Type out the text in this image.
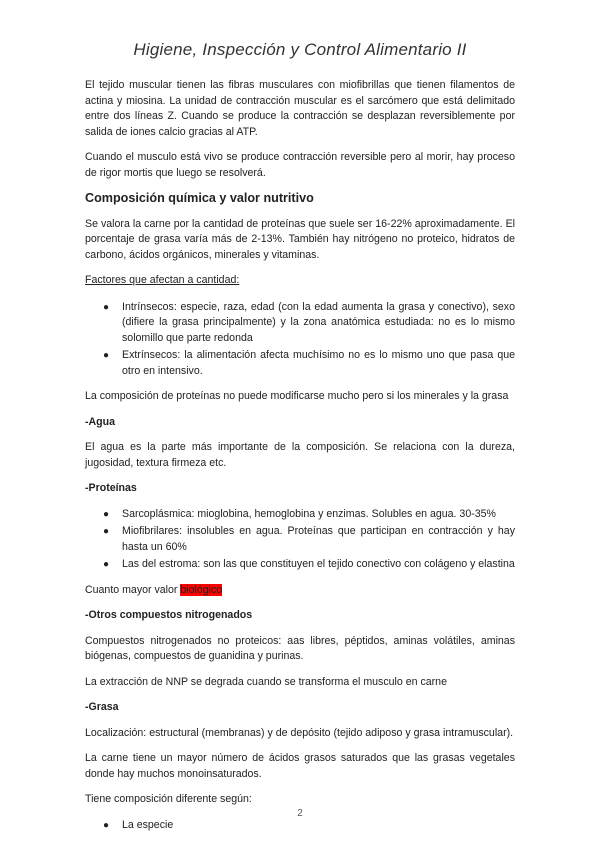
Higiene, Inspección y Control Alimentario II

El tejido muscular tienen las fibras musculares con miofibrillas que tienen filamentos de actina y miosina. La unidad de contracción muscular es el sarcómero que está delimitado entre dos líneas Z. Cuando se produce la contracción se desplazan reversiblemente por salida de iones calcio gracias al ATP.

Cuando el musculo está vivo se produce contracción reversible pero al morir, hay proceso de rigor mortis que luego se resolverá.

Composición química y valor nutritivo

Se valora la carne por la cantidad de proteínas que suele ser 16-22% aproximadamente. El porcentaje de grasa varía más de 2-13%. También hay nitrógeno no proteico, hidratos de carbono, ácidos orgánicos, minerales y vitaminas.

Factores que afectan a cantidad:

● Intrínsecos: especie, raza, edad (con la edad aumenta la grasa y conectivo), sexo (difiere la grasa principalmente) y la zona anatómica estudiada: no es lo mismo solomillo que parte redonda
● Extrínsecos: la alimentación afecta muchísimo no es lo mismo uno que pasa que otro en intensivo.

La composición de proteínas no puede modificarse mucho pero si los minerales y la grasa

-Agua

El agua es la parte más importante de la composición. Se relaciona con la dureza, jugosidad, textura firmeza etc.

-Proteínas

● Sarcoplásmica: mioglobina, hemoglobina y enzimas. Solubles en agua. 30-35%
● Miofibrilares: insolubles en agua. Proteínas que participan en contracción y hay hasta un 60%
● Las del estroma: son las que constituyen el tejido conectivo con colágeno y elastina

Cuanto mayor valor biológico

-Otros compuestos nitrogenados

Compuestos nitrogenados no proteicos: aas libres, péptidos, aminas volátiles, aminas biógenas, compuestos de guanidina y purinas.

La extracción de NNP se degrada cuando se transforma el musculo en carne

-Grasa

Localización: estructural (membranas) y de depósito (tejido adiposo y grasa intramuscular).

La carne tiene un mayor número de ácidos grasos saturados que las grasas vegetales donde hay muchos monoinsaturados.

Tiene composición diferente según:

● La especie
2
